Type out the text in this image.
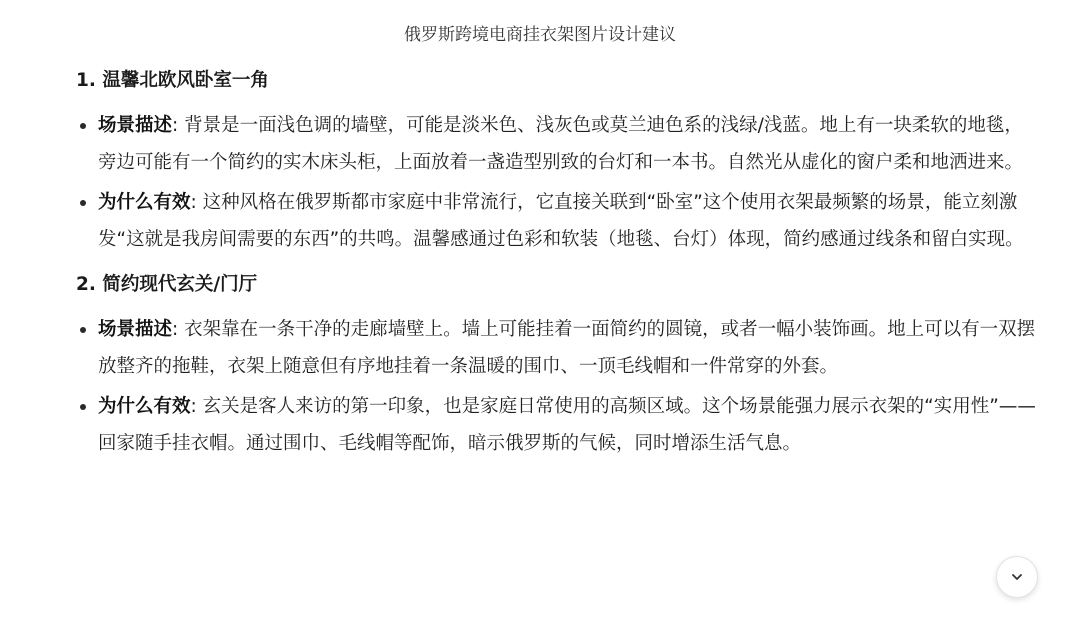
俄罗斯跨境电商挂衣架图片设计建议
1. 温馨北欧风卧室一角
场景描述: 背景是一面浅色调的墙壁，可能是淡米色、浅灰色或莫兰迪色系的浅绿/浅蓝。地上有一块柔软的地毯，旁边可能有一个简约的实木床头柜，上面放着一盏造型别致的台灯和一本书。自然光从虚化的窗户柔和地洒进来。
为什么有效: 这种风格在俄罗斯都市家庭中非常流行，它直接关联到“卧室”这个使用衣架最频繁的场景，能立刻激发“这就是我房间需要的东西”的共鸣。温馨感通过色彩和软装（地毯、台灯）体现，简约感通过线条和留白实现。
2. 简约现代玄关/门厅
场景描述: 衣架靠在一条干净的走廊墙壁上。墙上可能挂着一面简约的圆镜，或者一幅小装饰画。地上可以有一双摆放整齐的拖鞋，衣架上随意但有序地挂着一条温暖的围巾、一顶毛线帽和一件常穿的外套。
为什么有效: 玄关是客人来访的第一印象，也是家庭日常使用的高频区域。这个场景能强力展示衣架的“实用性”——回家随手挂衣帽。通过围巾、毛线帽等配饰，暗示俄罗斯的气候，同时增添生活气息。
